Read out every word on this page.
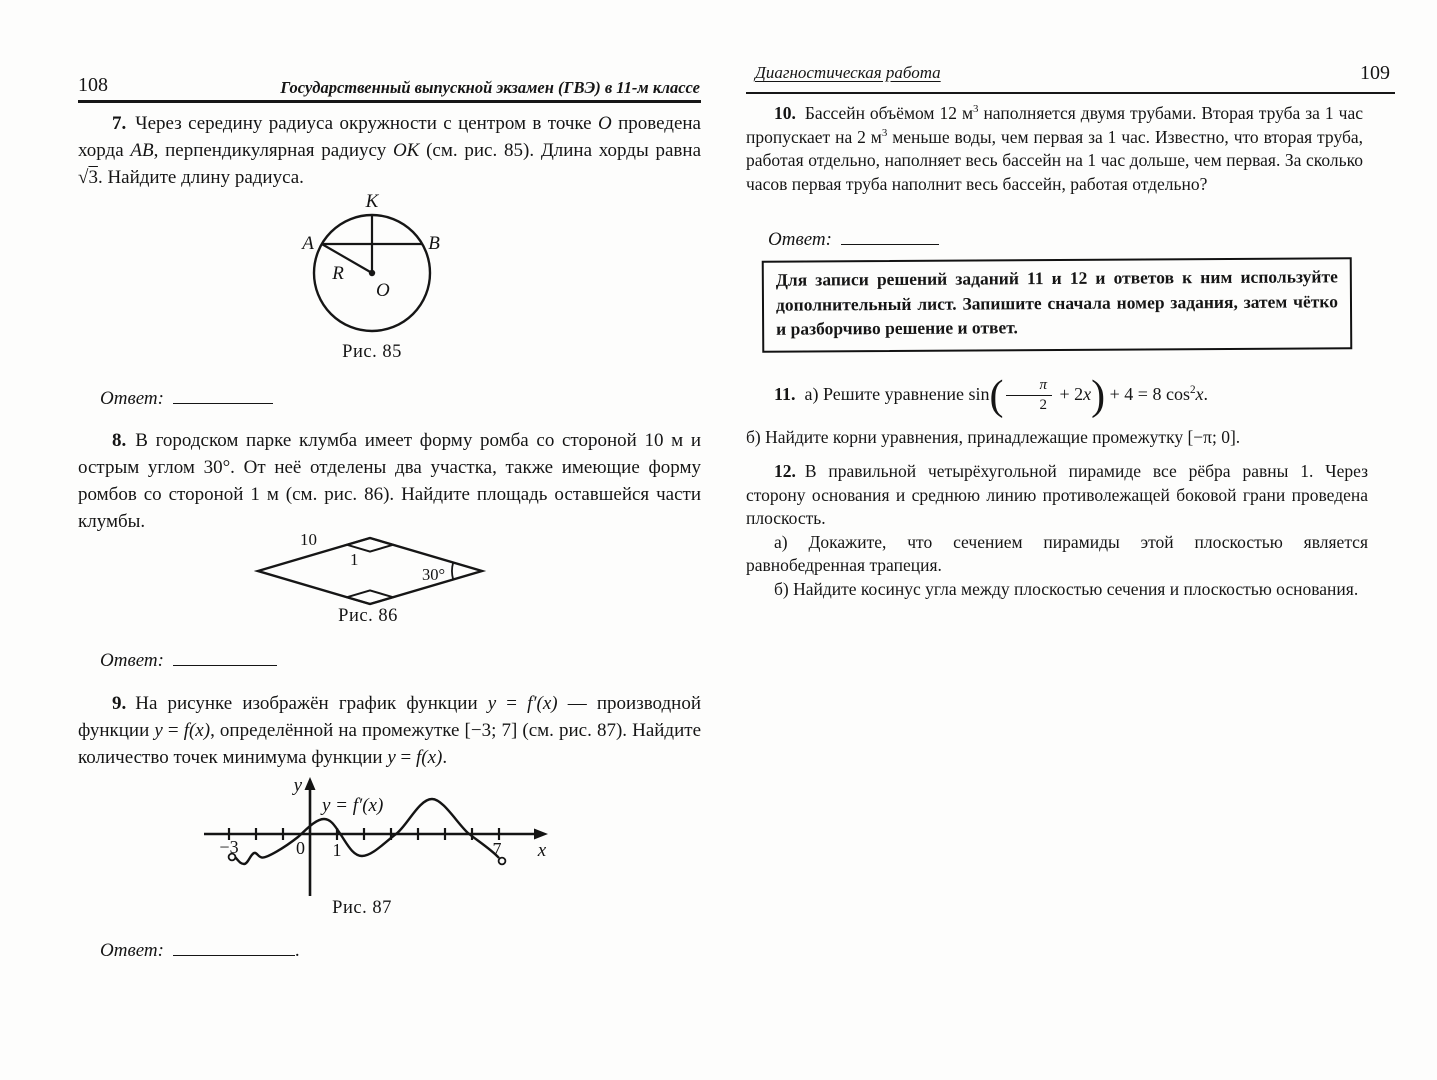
108	Государственный выпускной экзамен (ГВЭ) в 11-м классе
7. Через середину радиуса окружности с центром в точке O проведена хорда AB, перпендикулярная радиусу OK (см. рис. 85). Длина хорды равна √3. Найдите длину радиуса.
K
A	B
R
O
Рис. 85
Ответ:
8. В городском парке клумба имеет форму ромба со стороной 10 м и острым углом 30°. От неё отделены два участка, также имеющие форму ромбов со стороной 1 м (см. рис. 86). Найдите площадь оставшейся части клумбы.
10
1
30°
Рис. 86
Ответ:
9. На рисунке изображён график функции y = f′(x) — производной функции y = f(x), определённой на промежутке [−3; 7] (см. рис. 87). Найдите количество точек минимума функции y = f(x).
y
y = f′(x)
0 1
−3	7 x
Рис. 87
Ответ:	.
Диагностическая работа	109
10. Бассейн объёмом 12 $м^3$ наполняется двумя трубами. Вторая труба за 1 час пропускает на 2 $м^3$ меньше воды, чем первая за 1 час. Известно, что вторая труба, работая отдельно, наполняет весь бассейн на 1 час дольше, чем первая. За сколько часов первая труба наполнит весь бассейн, работая отдельно?
Ответ:
Для записи решений заданий 11 и 12 и ответов к ним используйте дополнительный лист. Запишите сначала номер задания, затем чётко и разборчиво решение и ответ.
11. а) Решите уравнение $\sin( \frac{\pi}{2} + 2x) + 4 = 8$ $\cos^2x$.
б) Найдите корни уравнения, принадлежащие промежутку [−π; 0].

12. В правильной четырёхугольной пирамиде все рёбра равны 1. Через сторону основания и среднюю линию противолежащей боковой грани проведена плоскость.

а) Докажите, что сечением пирамиды этой плоскостью является равнобедренная трапеция.

б) Найдите косинус угла между плоскостью сечения и плоскостью основания.
